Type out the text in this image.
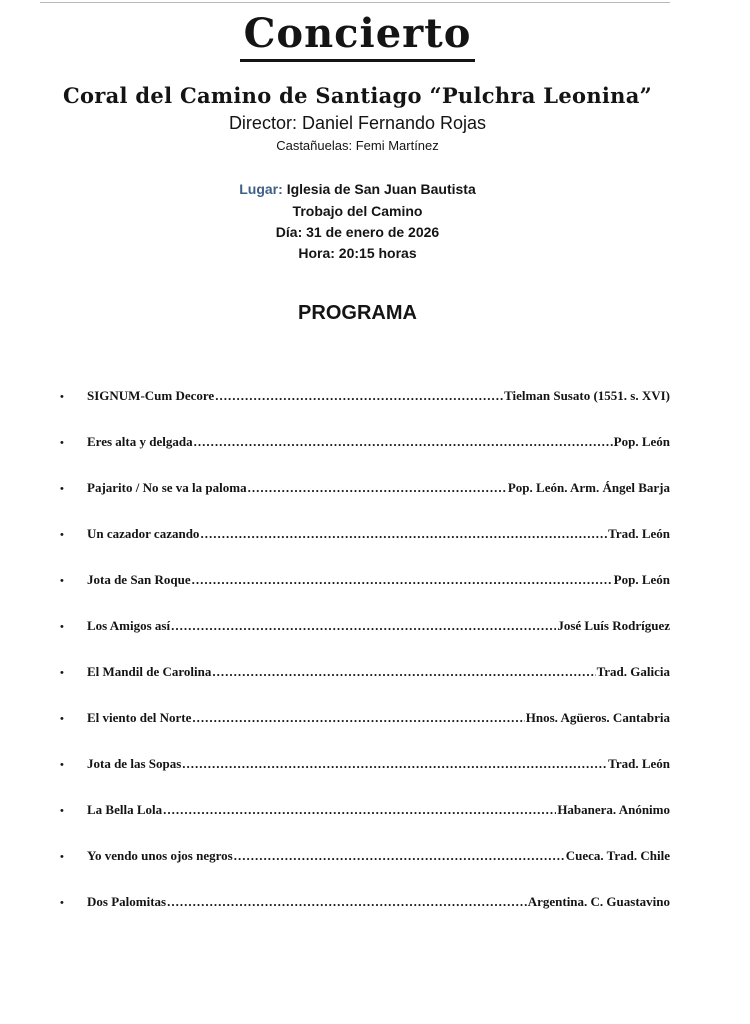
Concierto
Coral del Camino de Santiago “Pulchra Leonina”
Director: Daniel Fernando Rojas
Castañuelas: Femi Martínez
Lugar: Iglesia de San Juan Bautista
Trobajo del Camino
Día: 31 de enero de 2026
Hora: 20:15 horas
PROGRAMA
•	SIGNUM-Cum Decore .....	Tielman Susato (1551. s. XVI)
•	Eres alta y delgada .....	Pop. León
•	Pajarito / No se va la paloma .....	Pop. León. Arm. Ángel Barja
•	Un cazador cazando .....	Trad. León
•	Jota de San Roque .....	Pop. León
•	Los Amigos así .....	José Luís Rodríguez
•	El Mandil de Carolina .....	Trad. Galicia
•	El viento del Norte .....	Hnos. Agüeros. Cantabria
•	Jota de las Sopas .....	Trad. León
•	La Bella Lola .....	Habanera. Anónimo
•	Yo vendo unos ojos negros .....	Cueca. Trad. Chile
•	Dos Palomitas .....	Argentina. C. Guastavino
